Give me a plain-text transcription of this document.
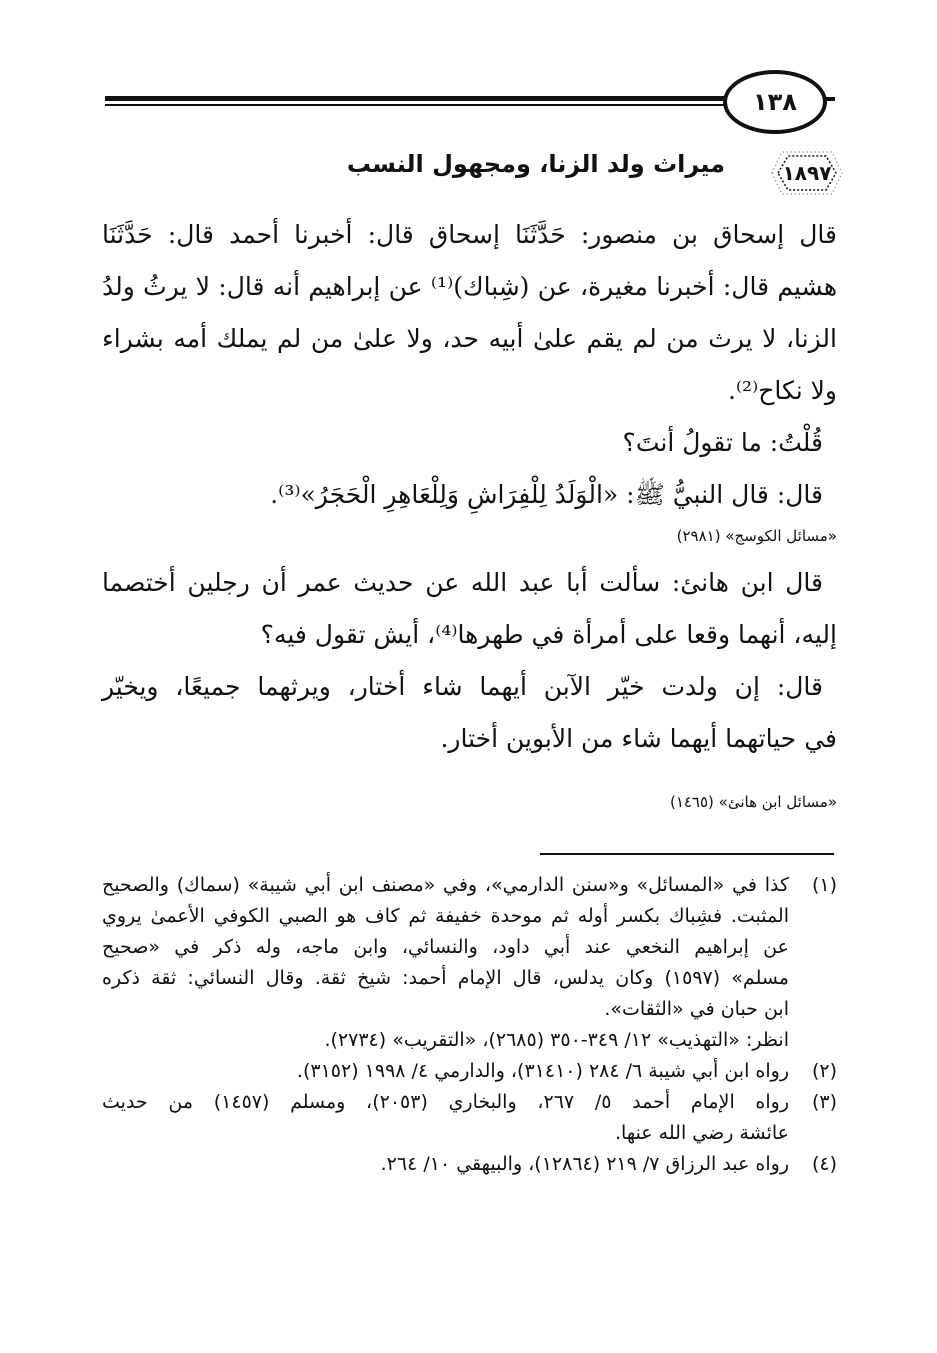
١٣٨
١٨٩٧
ميراث ولد الزنا، ومجهول النسب
قال إسحاق بن منصور: حَدَّثَنَا إسحاق قال: أخبرنا أحمد قال: حَدَّثَنَا
هشيم قال: أخبرنا مغيرة، عن (شِباك)⁽¹⁾ عن إبراهيم أنه قال: لا يرثُ ولدُ
الزنا، لا يرث من لم يقم علىٰ أبيه حد، ولا علىٰ من لم يملك أمه بشراء
ولا نكاح⁽²⁾.
قُلْتُ: ما تقولُ أنتَ؟
قال: قال النبيُّ ﷺ: «الْوَلَدُ لِلْفِرَاشِ وَلِلْعَاهِرِ الْحَجَرُ»⁽³⁾.
«مسائل الكوسج» (٢٩٨١)
قال ابن هانئ: سألت أبا عبد الله عن حديث عمر أن رجلين أختصما
إليه، أنهما وقعا على أمرأة في طهرها⁽⁴⁾، أيش تقول فيه؟
قال: إن ولدت خيّر الآبن أيهما شاء أختار، ويرثهما جميعًا، ويخيّر
في حياتهما أيهما شاء من الأبوين أختار.
«مسائل ابن هانئ» (١٤٦٥)
(١)
كذا في «المسائل» و«سنن الدارمي»، وفي «مصنف ابن أبي شيبة» (سماك) والصحيح
المثبت. فشِباك بكسر أوله ثم موحدة خفيفة ثم كاف هو الصبي الكوفي الأعمىٰ يروي
عن إبراهيم النخعي عند أبي داود، والنسائي، وابن ماجه، وله ذكر في «صحيح
مسلم» (١٥٩٧) وكان يدلس، قال الإمام أحمد: شيخ ثقة. وقال النسائي: ثقة ذكره
ابن حبان في «الثقات».
انظر: «التهذيب» ١٢/ ٣٤٩-٣٥٠ (٢٦٨٥)، «التقريب» (٢٧٣٤).
(٢)
رواه ابن أبي شيبة ٦/ ٢٨٤ (٣١٤١٠)، والدارمي ٤/ ١٩٩٨ (٣١٥٢).
(٣)
رواه الإمام أحمد ٥/ ٢٦٧، والبخاري (٢٠٥٣)، ومسلم (١٤٥٧) من حديث
عائشة رضي الله عنها.
(٤)
رواه عبد الرزاق ٧/ ٢١٩ (١٢٨٦٤)، والبيهقي ١٠/ ٢٦٤.
